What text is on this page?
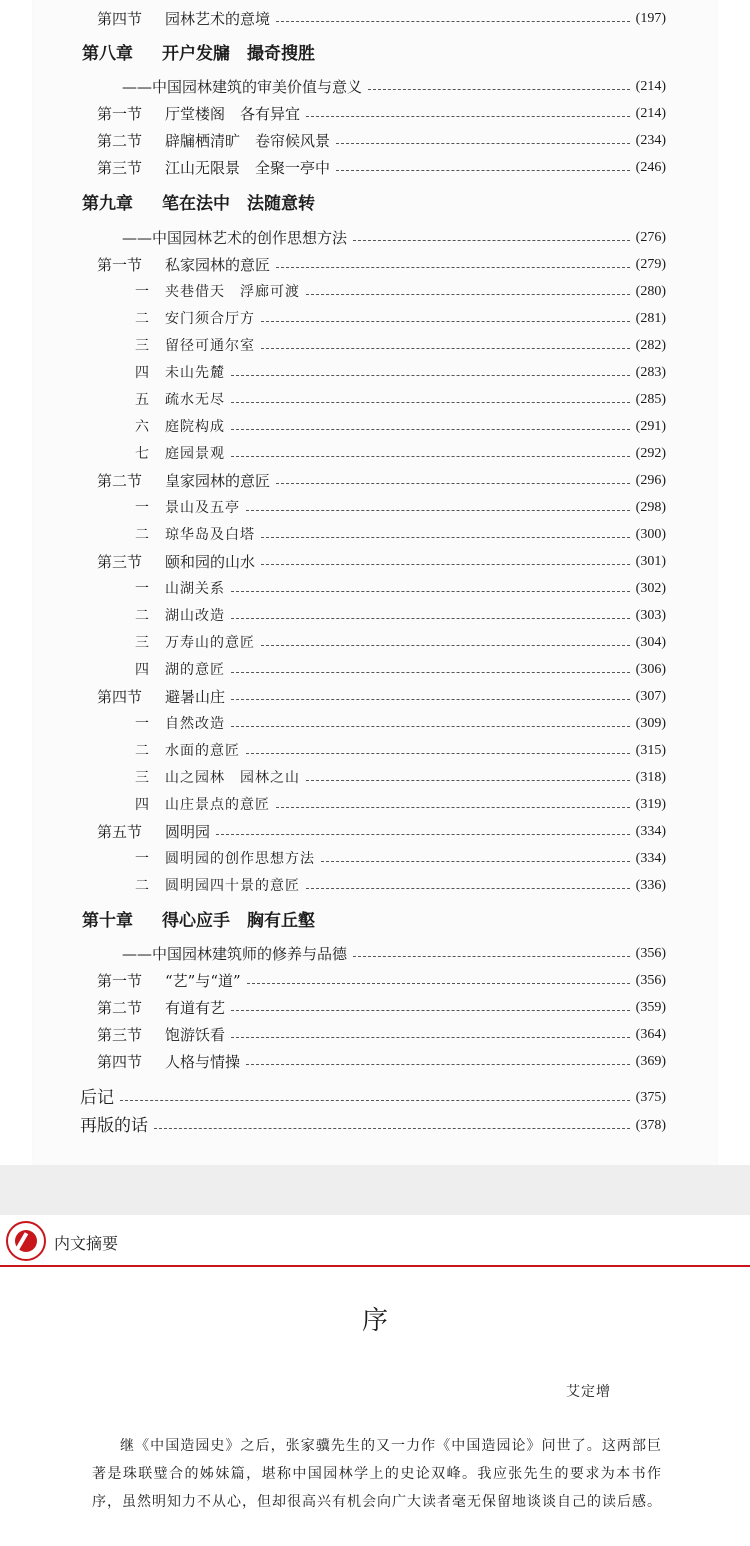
第四节 园林艺术的意境	(197)
第八章 开户发牖　撮奇搜胜
——中国园林建筑的审美价值与意义	(214)
第一节 厅堂楼阁　各有异宜	(214)
第二节 辟牖栖清旷　卷帘候风景	(234)
第三节 江山无限景　全聚一亭中	(246)
第九章 笔在法中　法随意转
——中国园林艺术的创作思想方法	(276)
第一节 私家园林的意匠	(279)
一 夹巷借天　浮廊可渡	(280)
二 安门须合厅方	(281)
三 留径可通尔室	(282)
四 未山先麓	(283)
五 疏水无尽	(285)
六 庭院构成	(291)
七 庭园景观	(292)
第二节 皇家园林的意匠	(296)
一 景山及五亭	(298)
二 琼华岛及白塔	(300)
第三节 颐和园的山水	(301)
一 山湖关系	(302)
二 湖山改造	(303)
三 万寿山的意匠	(304)
四 湖的意匠	(306)
第四节 避暑山庄	(307)
一 自然改造	(309)
二 水面的意匠	(315)
三 山之园林　园林之山	(318)
四 山庄景点的意匠	(319)
第五节 圆明园	(334)
一 圆明园的创作思想方法	(334)
二 圆明园四十景的意匠	(336)
第十章 得心应手　胸有丘壑
——中国园林建筑师的修养与品德	(356)
第一节 “艺”与“道”	(356)
第二节 有道有艺	(359)
第三节 饱游饫看	(364)
第四节 人格与情操	(369)
后记	(375)
再版的话	(378)
内文摘要
序
艾定增
继《中国造园史》之后，张家骥先生的又一力作《中国造园论》问世了。这两部巨著是珠联璧合的姊妹篇，堪称中国园林学上的史论双峰。我应张先生的要求为本书作序，虽然明知力不从心，但却很高兴有机会向广大读者毫无保留地谈谈自己的读后感。
